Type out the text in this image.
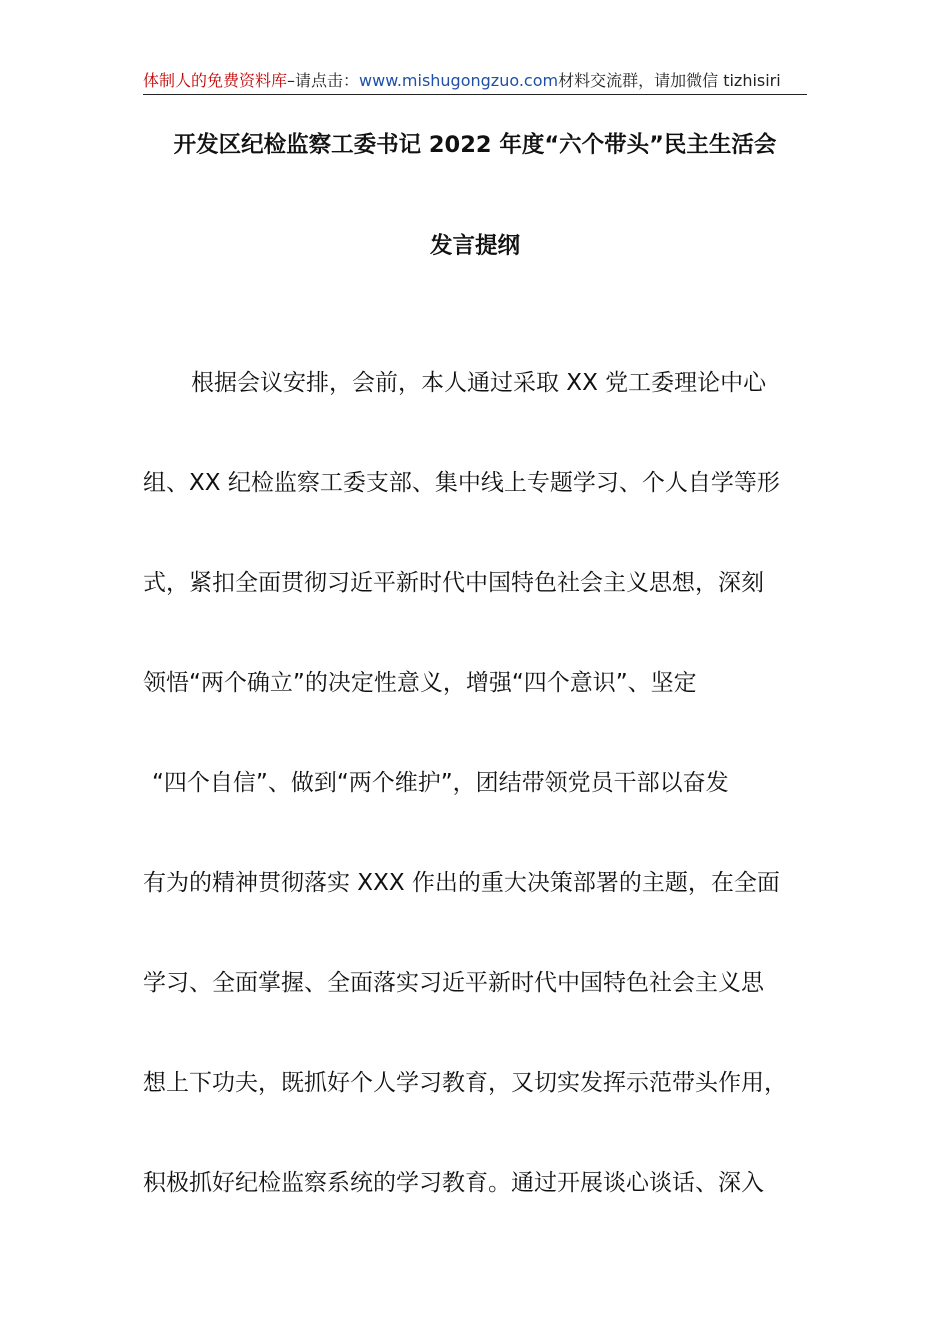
体制人的免费资料库–请点击：www.mishugongzuo.com材料交流群，请加微信 tizhisiri
开发区纪检监察工委书记 2022 年度“六个带头”民主生活会
发言提纲
根据会议安排，会前，本人通过采取 XX 党工委理论中心
组、XX 纪检监察工委支部、集中线上专题学习、个人自学等形
式，紧扣全面贯彻习近平新时代中国特色社会主义思想，深刻
领悟“两个确立”的决定性意义，增强“四个意识”、坚定
“四个自信”、做到“两个维护”，团结带领党员干部以奋发
有为的精神贯彻落实 XXX 作出的重大决策部署的主题，在全面
学习、全面掌握、全面落实习近平新时代中国特色社会主义思
想上下功夫，既抓好个人学习教育，又切实发挥示范带头作用，
积极抓好纪检监察系统的学习教育。通过开展谈心谈话、深入
